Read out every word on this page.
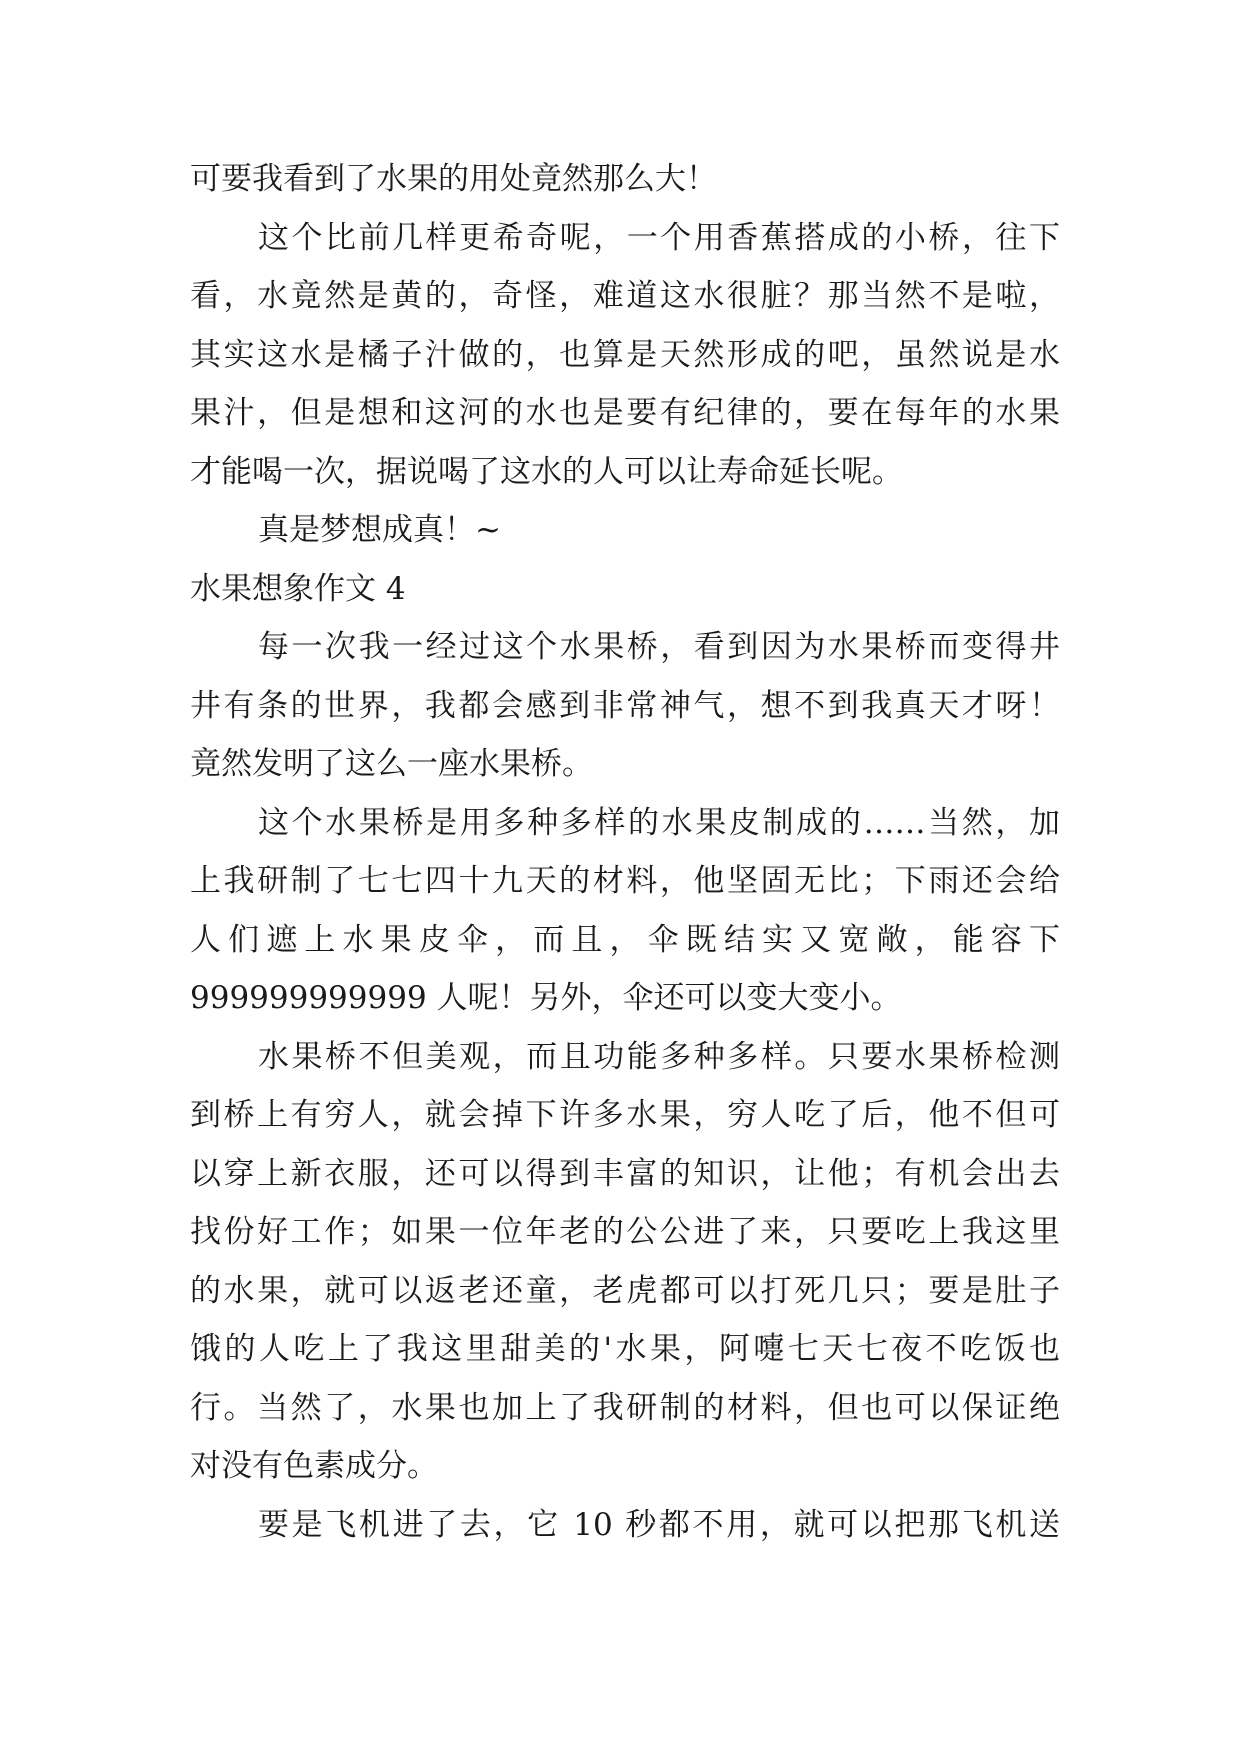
可要我看到了水果的用处竟然那么大！
这个比前几样更希奇呢，一个用香蕉搭成的小桥，往下
看，水竟然是黄的，奇怪，难道这水很脏？那当然不是啦，
其实这水是橘子汁做的，也算是天然形成的吧，虽然说是水
果汁，但是想和这河的水也是要有纪律的，要在每年的水果
才能喝一次，据说喝了这水的人可以让寿命延长呢。
真是梦想成真！~
水果想象作文 4
每一次我一经过这个水果桥，看到因为水果桥而变得井
井有条的世界，我都会感到非常神气，想不到我真天才呀！
竟然发明了这么一座水果桥。
这个水果桥是用多种多样的水果皮制成的……当然，加
上我研制了七七四十九天的材料，他坚固无比；下雨还会给
人们遮上水果皮伞，而且，伞既结实又宽敞，能容下
999999999999 人呢！另外，伞还可以变大变小。
水果桥不但美观，而且功能多种多样。只要水果桥检测
到桥上有穷人，就会掉下许多水果，穷人吃了后，他不但可
以穿上新衣服，还可以得到丰富的知识，让他；有机会出去
找份好工作；如果一位年老的公公进了来，只要吃上我这里
的水果，就可以返老还童，老虎都可以打死几只；要是肚子
饿的人吃上了我这里甜美的'水果，阿嚏七天七夜不吃饭也
行。当然了，水果也加上了我研制的材料，但也可以保证绝
对没有色素成分。
要是飞机进了去，它 10 秒都不用，就可以把那飞机送
